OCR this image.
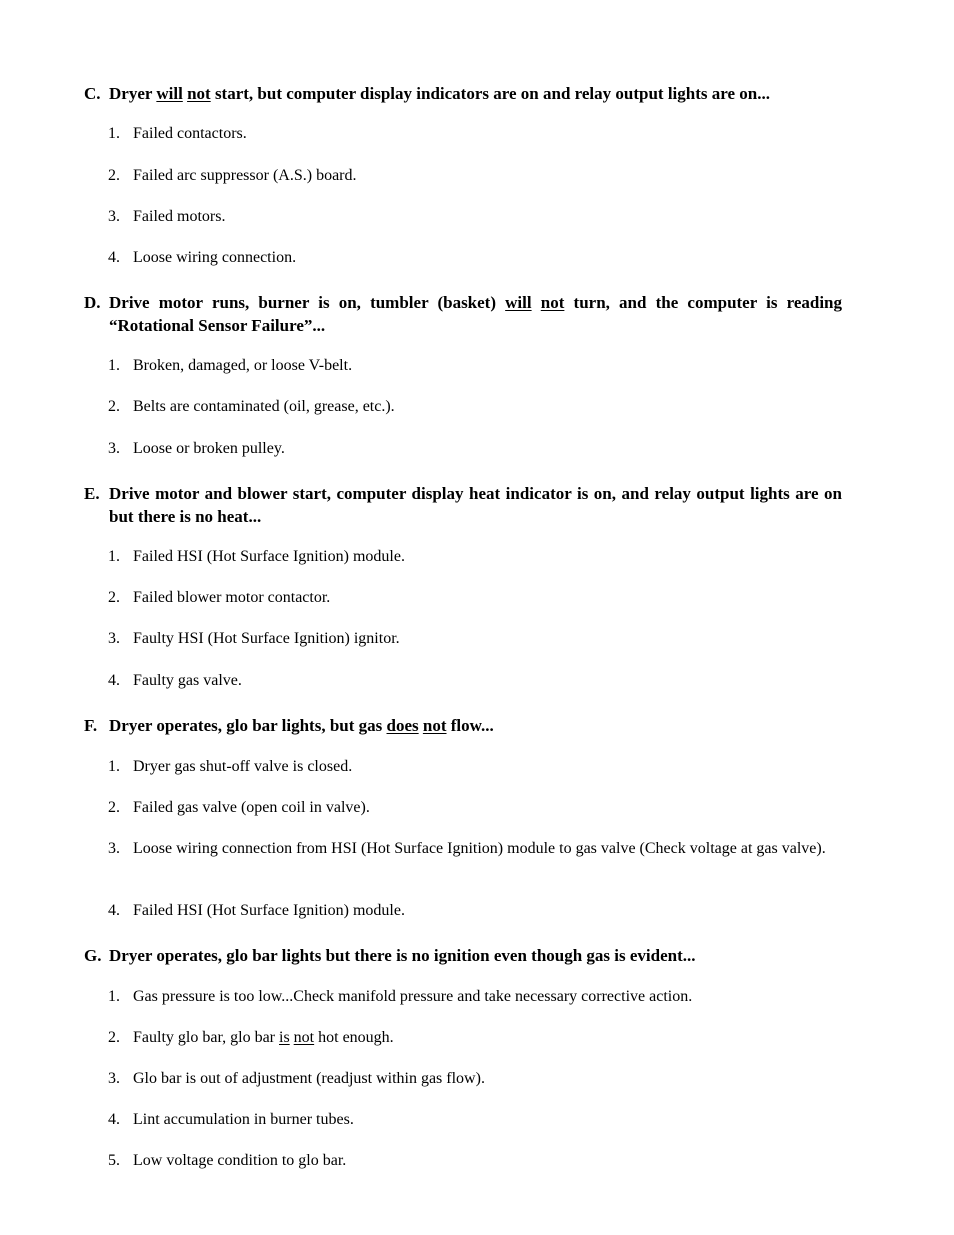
C. Dryer will not start, but computer display indicators are on and relay output lights are on...
1. Failed contactors.
2. Failed arc suppressor (A.S.) board.
3. Failed motors.
4. Loose wiring connection.
D. Drive motor runs, burner is on, tumbler (basket) will not turn, and the computer is reading “Rotational Sensor Failure”...
1. Broken, damaged, or loose V-belt.
2. Belts are contaminated (oil, grease, etc.).
3. Loose or broken pulley.
E. Drive motor and blower start, computer display heat indicator is on, and relay output lights are on but there is no heat...
1. Failed HSI (Hot Surface Ignition) module.
2. Failed blower motor contactor.
3. Faulty HSI (Hot Surface Ignition) ignitor.
4. Faulty gas valve.
F. Dryer operates, glo bar lights, but gas does not flow...
1. Dryer gas shut-off valve is closed.
2. Failed gas valve (open coil in valve).
3. Loose wiring connection from HSI (Hot Surface Ignition) module to gas valve (Check voltage at gas valve).
4. Failed HSI (Hot Surface Ignition) module.
G. Dryer operates, glo bar lights but there is no ignition even though gas is evident...
1. Gas pressure is too low...Check manifold pressure and take necessary corrective action.
2. Faulty glo bar, glo bar is not hot enough.
3. Glo bar is out of adjustment (readjust within gas flow).
4. Lint accumulation in burner tubes.
5. Low voltage condition to glo bar.
